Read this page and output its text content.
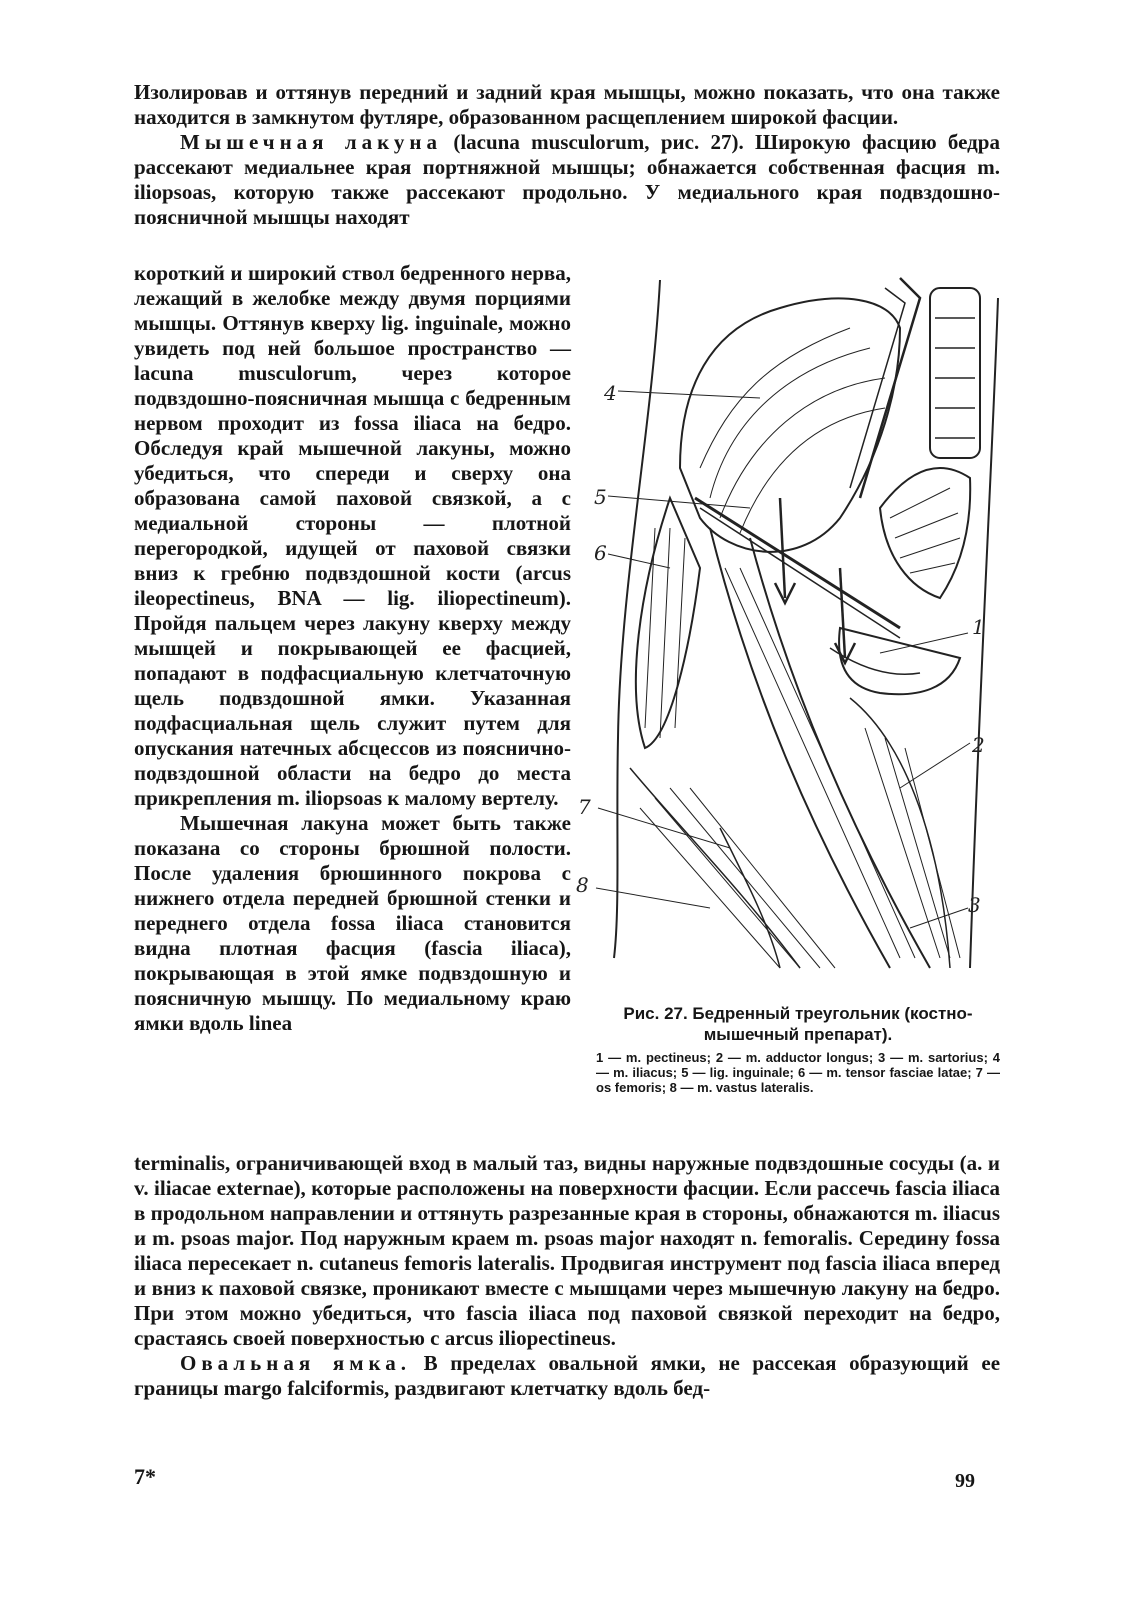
Изолировав и оттянув передний и задний края мышцы, можно показать, что она также находится в замкнутом футляре, образованном расщеплением широкой фасции.

Мышечная лакуна (lacuna musculorum, рис. 27). Широкую фасцию бедра рассекают медиальнее края портняжной мышцы; обнажается собственная фасция m. iliopsoas, которую также рассекают продольно. У медиального края подвздошно-поясничной мышцы находят

короткий и широкий ствол бедренного нерва, лежащий в желобке между двумя порциями мышцы. Оттянув кверху lig. inguinale, можно увидеть под ней большое пространство — lacuna musculorum, через которое подвздошно-поясничная мышца с бедренным нервом проходит из fossa iliaca на бедро. Обследуя край мышечной лакуны, можно убедиться, что спереди и сверху она образована самой паховой связкой, а с медиальной стороны — плотной перегородкой, идущей от паховой связки вниз к гребню подвздошной кости (arcus ileopectineus, BNA — lig. iliopectineum). Пройдя пальцем через лакуну кверху между мышцей и покрывающей ее фасцией, попадают в подфасциальную клетчаточную щель подвздошной ямки. Указанная подфасциальная щель служит путем для опускания натечных абсцессов из пояснично-подвздошной области на бедро до места прикрепления m. iliopsoas к малому вертелу.

Мышечная лакуна может быть также показана со стороны брюшной полости. После удаления брюшинного покрова с нижнего отдела передней брюшной стенки и переднего отдела fossa iliaca становится видна плотная фасция (fascia iliaca), покрывающая в этой ямке подвздошную и поясничную мышцу. По медиальному краю ямки вдоль linea

4
5
6
1
2
3
7
8

Рис. 27. Бедренный треугольник (костно-мышечный препарат).

1 — m. pectineus; 2 — m. adductor longus; 3 — m. sartorius; 4 — m. iliacus; 5 — lig. inguinale; 6 — m. tensor fasciae latae; 7 — os femoris; 8 — m. vastus lateralis.

terminalis, ограничивающей вход в малый таз, видны наружные подвздошные сосуды (a. и v. iliacae externae), которые расположены на поверхности фасции. Если рассечь fascia iliaca в продольном направлении и оттянуть разрезанные края в стороны, обнажаются m. iliacus и m. psoas major. Под наружным краем m. psoas major находят n. femoralis. Серединy fossa iliaca пересекает n. cutaneus femoris lateralis. Продвигая инструмент под fascia iliaca вперед и вниз к паховой связке, проникают вместе с мышцами через мышечную лакуну на бедро. При этом можно убедиться, что fascia iliaca под паховой связкой переходит на бедро, срастаясь своей поверхностью с arcus iliopectineus.

Овальная ямка. В пределах овальной ямки, не рассекая образующий ее границы margo falciformis, раздвигают клетчатку вдоль бед-

7*	99
